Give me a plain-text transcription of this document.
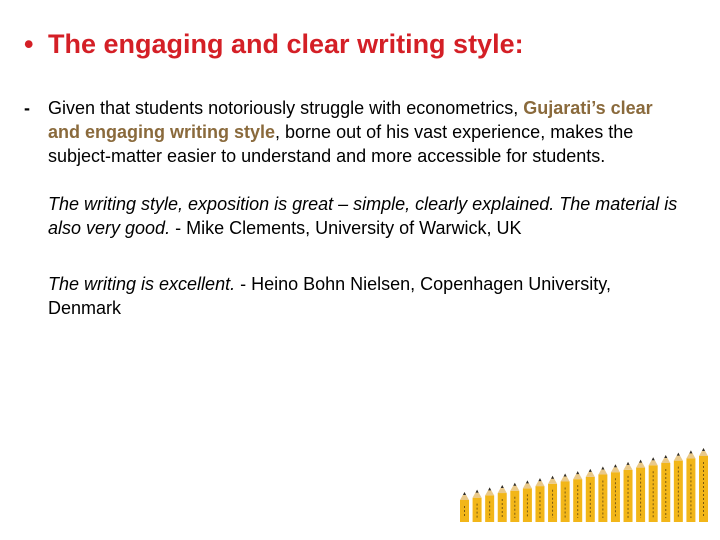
• The engaging and clear writing style:

- Given that students notoriously struggle with econometrics, Gujarati’s clear and engaging writing style, borne out of his vast experience, makes the subject-matter easier to understand and more accessible for students.

The writing style, exposition is great – simple, clearly explained. The material is also very good. - Mike Clements, University of Warwick, UK

The writing is excellent. - Heino Bohn Nielsen, Copenhagen University, Denmark
